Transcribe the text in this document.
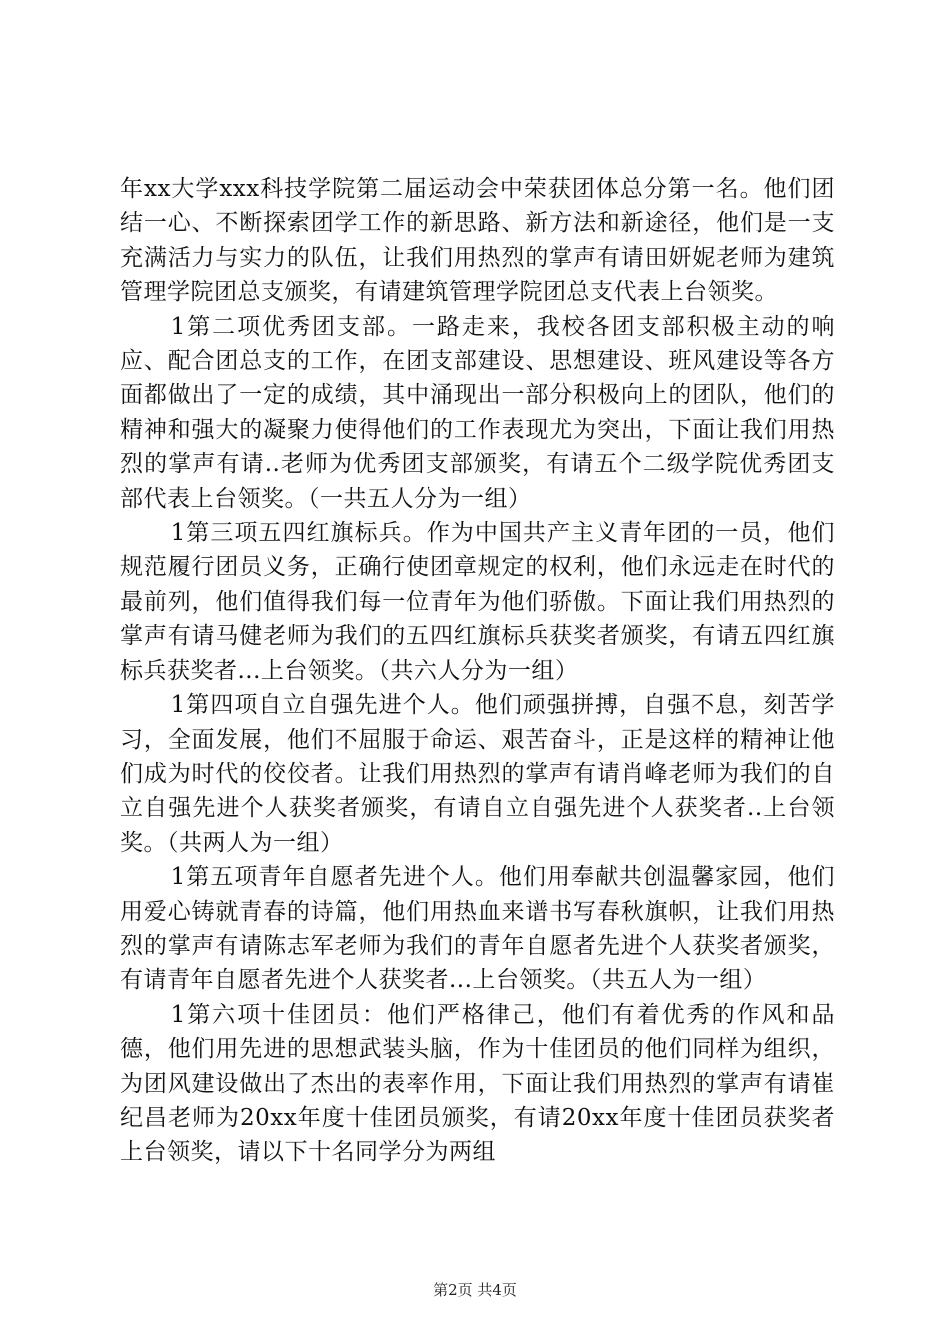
年xx大学xxx科技学院第二届运动会中荣获团体总分第一名。他们团结一心、不断探索团学工作的新思路、新方法和新途径，他们是一支充满活力与实力的队伍，让我们用热烈的掌声有请田妍妮老师为建筑管理学院团总支颁奖，有请建筑管理学院团总支代表上台领奖。

1第二项优秀团支部。一路走来，我校各团支部积极主动的响应、配合团总支的工作，在团支部建设、思想建设、班风建设等各方面都做出了一定的成绩，其中涌现出一部分积极向上的团队，他们的精神和强大的凝聚力使得他们的工作表现尤为突出，下面让我们用热烈的掌声有请..老师为优秀团支部颁奖，有请五个二级学院优秀团支部代表上台领奖。（一共五人分为一组）

1第三项五四红旗标兵。作为中国共产主义青年团的一员，他们规范履行团员义务，正确行使团章规定的权利，他们永远走在时代的最前列，他们值得我们每一位青年为他们骄傲。下面让我们用热烈的掌声有请马健老师为我们的五四红旗标兵获奖者颁奖，有请五四红旗标兵获奖者...上台领奖。（共六人分为一组）

1第四项自立自强先进个人。他们顽强拼搏，自强不息，刻苦学习，全面发展，他们不屈服于命运、艰苦奋斗，正是这样的精神让他们成为时代的佼佼者。让我们用热烈的掌声有请肖峰老师为我们的自立自强先进个人获奖者颁奖，有请自立自强先进个人获奖者..上台领奖。（共两人为一组）

1第五项青年自愿者先进个人。他们用奉献共创温馨家园，他们用爱心铸就青春的诗篇，他们用热血来谱书写春秋旗帜，让我们用热烈的掌声有请陈志军老师为我们的青年自愿者先进个人获奖者颁奖，有请青年自愿者先进个人获奖者...上台领奖。（共五人为一组）

1第六项十佳团员：他们严格律己，他们有着优秀的作风和品德，他们用先进的思想武装头脑，作为十佳团员的他们同样为组织，为团风建设做出了杰出的表率作用，下面让我们用热烈的掌声有请崔纪昌老师为20xx年度十佳团员颁奖，有请20xx年度十佳团员获奖者上台领奖，请以下十名同学分为两组

第2页 共4页
